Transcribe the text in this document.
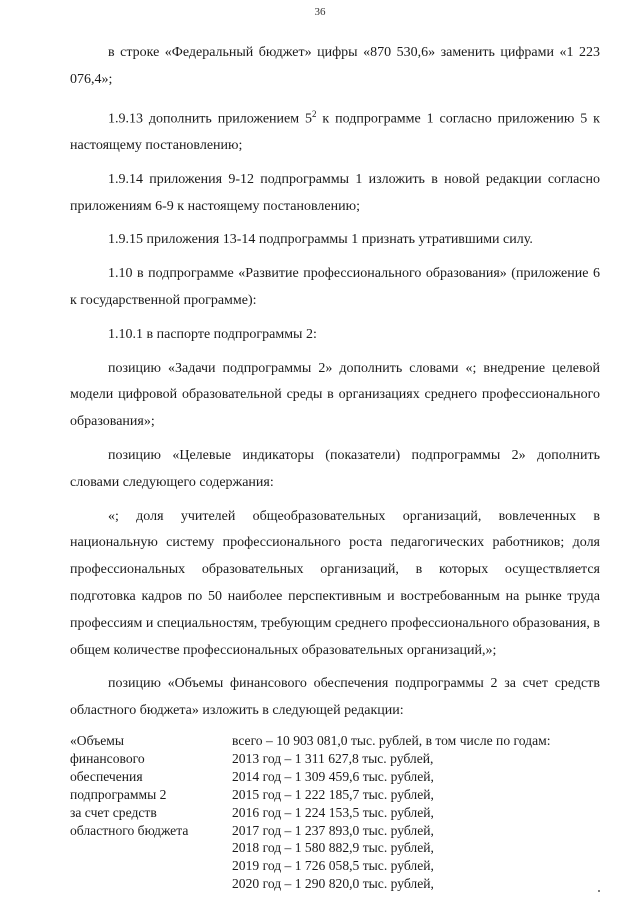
36

в строке «Федеральный бюджет» цифры «870 530,6» заменить цифрами «1 223 076,4»;

1.9.13 дополнить приложением $5^2$ к подпрограмме 1 согласно приложению 5 к настоящему постановлению;

1.9.14 приложения 9-12 подпрограммы 1 изложить в новой редакции согласно приложениям 6-9 к настоящему постановлению;

1.9.15 приложения 13-14 подпрограммы 1 признать утратившими силу.

1.10 в подпрограмме «Развитие профессионального образования» (приложение 6 к государственной программе):

1.10.1 в паспорте подпрограммы 2:

позицию «Задачи подпрограммы 2» дополнить словами «; внедрение целевой модели цифровой образовательной среды в организациях среднего профессионального образования»;

позицию «Целевые индикаторы (показатели) подпрограммы 2» дополнить словами следующего содержания:

«; доля учителей общеобразовательных организаций, вовлеченных в национальную систему профессионального роста педагогических работников; доля профессиональных образовательных организаций, в которых осуществляется подготовка кадров по 50 наиболее перспективным и востребованным на рынке труда профессиям и специальностям, требующим среднего профессионального образования, в общем количестве профессиональных образовательных организаций,»;

позицию «Объемы финансового обеспечения подпрограммы 2 за счет средств областного бюджета» изложить в следующей редакции:

«Объемы
финансового
обеспечения
подпрограммы 2
за счет средств
областного бюджета
всего – 10 903 081,0 тыс. рублей, в том числе по годам:
2013 год – 1 311 627,8 тыс. рублей,
2014 год – 1 309 459,6 тыс. рублей,
2015 год – 1 222 185,7 тыс. рублей,
2016 год – 1 224 153,5 тыс. рублей,
2017 год – 1 237 893,0 тыс. рублей,
2018 год – 1 580 882,9 тыс. рублей,
2019 год – 1 726 058,5 тыс. рублей,
2020 год – 1 290 820,0 тыс. рублей,
